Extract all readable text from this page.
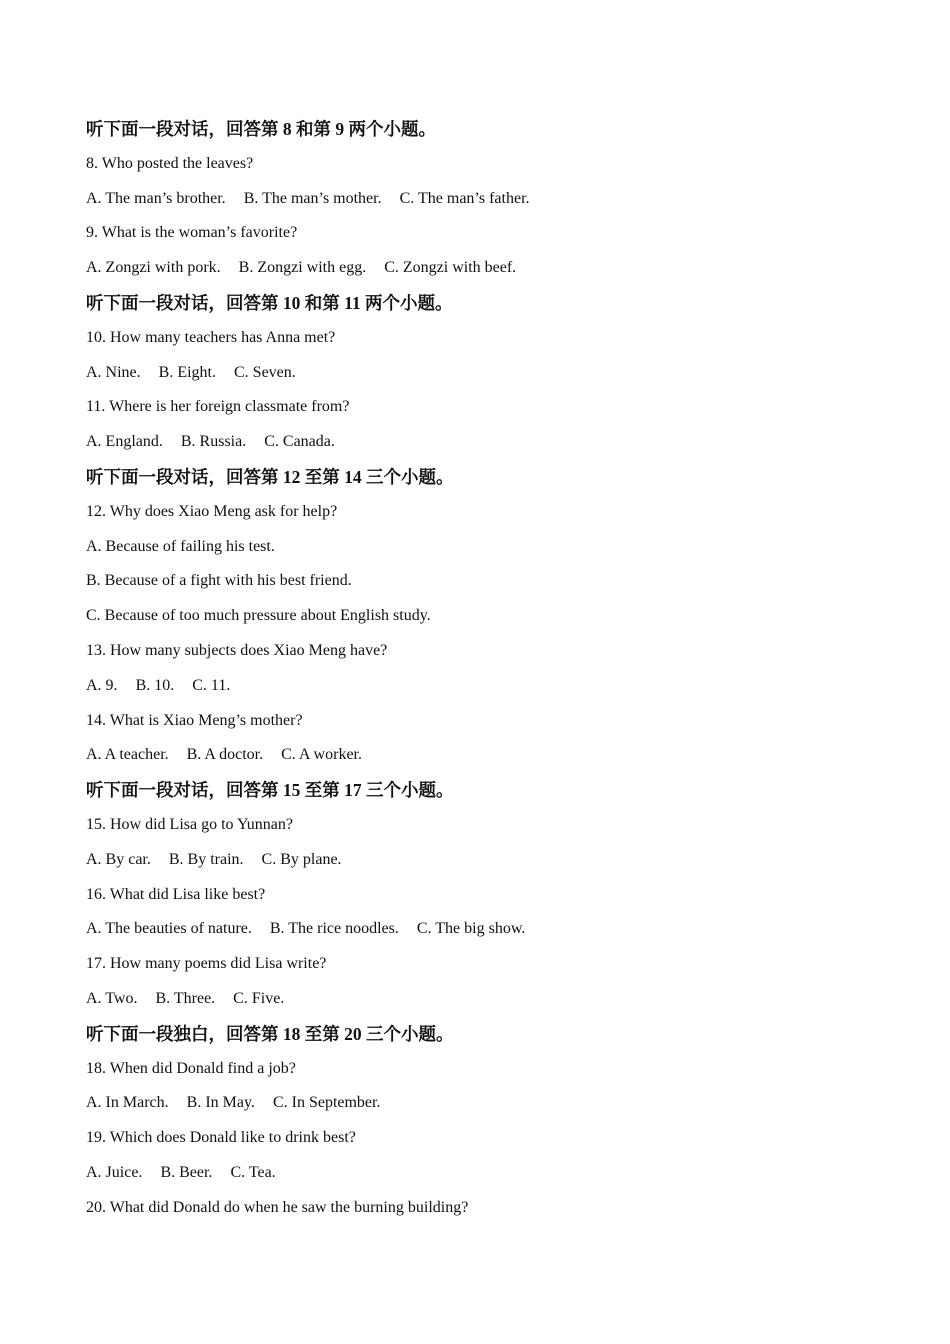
听下面一段对话，回答第 8 和第 9 两个小题。
8. Who posted the leaves?
A. The man’s brother. B. The man’s mother. C. The man’s father.
9. What is the woman’s favorite?
A. Zongzi with pork. B. Zongzi with egg. C. Zongzi with beef.
听下面一段对话，回答第 10 和第 11 两个小题。
10. How many teachers has Anna met?
A. Nine. B. Eight. C. Seven.
11. Where is her foreign classmate from?
A. England. B. Russia. C. Canada.
听下面一段对话，回答第 12 至第 14 三个小题。
12. Why does Xiao Meng ask for help?
A. Because of failing his test.
B. Because of a fight with his best friend.
C. Because of too much pressure about English study.
13. How many subjects does Xiao Meng have?
A. 9. B. 10. C. 11.
14. What is Xiao Meng’s mother?
A. A teacher. B. A doctor. C. A worker.
听下面一段对话，回答第 15 至第 17 三个小题。
15. How did Lisa go to Yunnan?
A. By car. B. By train. C. By plane.
16. What did Lisa like best?
A. The beauties of nature. B. The rice noodles. C. The big show.
17. How many poems did Lisa write?
A. Two. B. Three. C. Five.
听下面一段独白，回答第 18 至第 20 三个小题。
18. When did Donald find a job?
A. In March. B. In May. C. In September.
19. Which does Donald like to drink best?
A. Juice. B. Beer. C. Tea.
20. What did Donald do when he saw the burning building?
